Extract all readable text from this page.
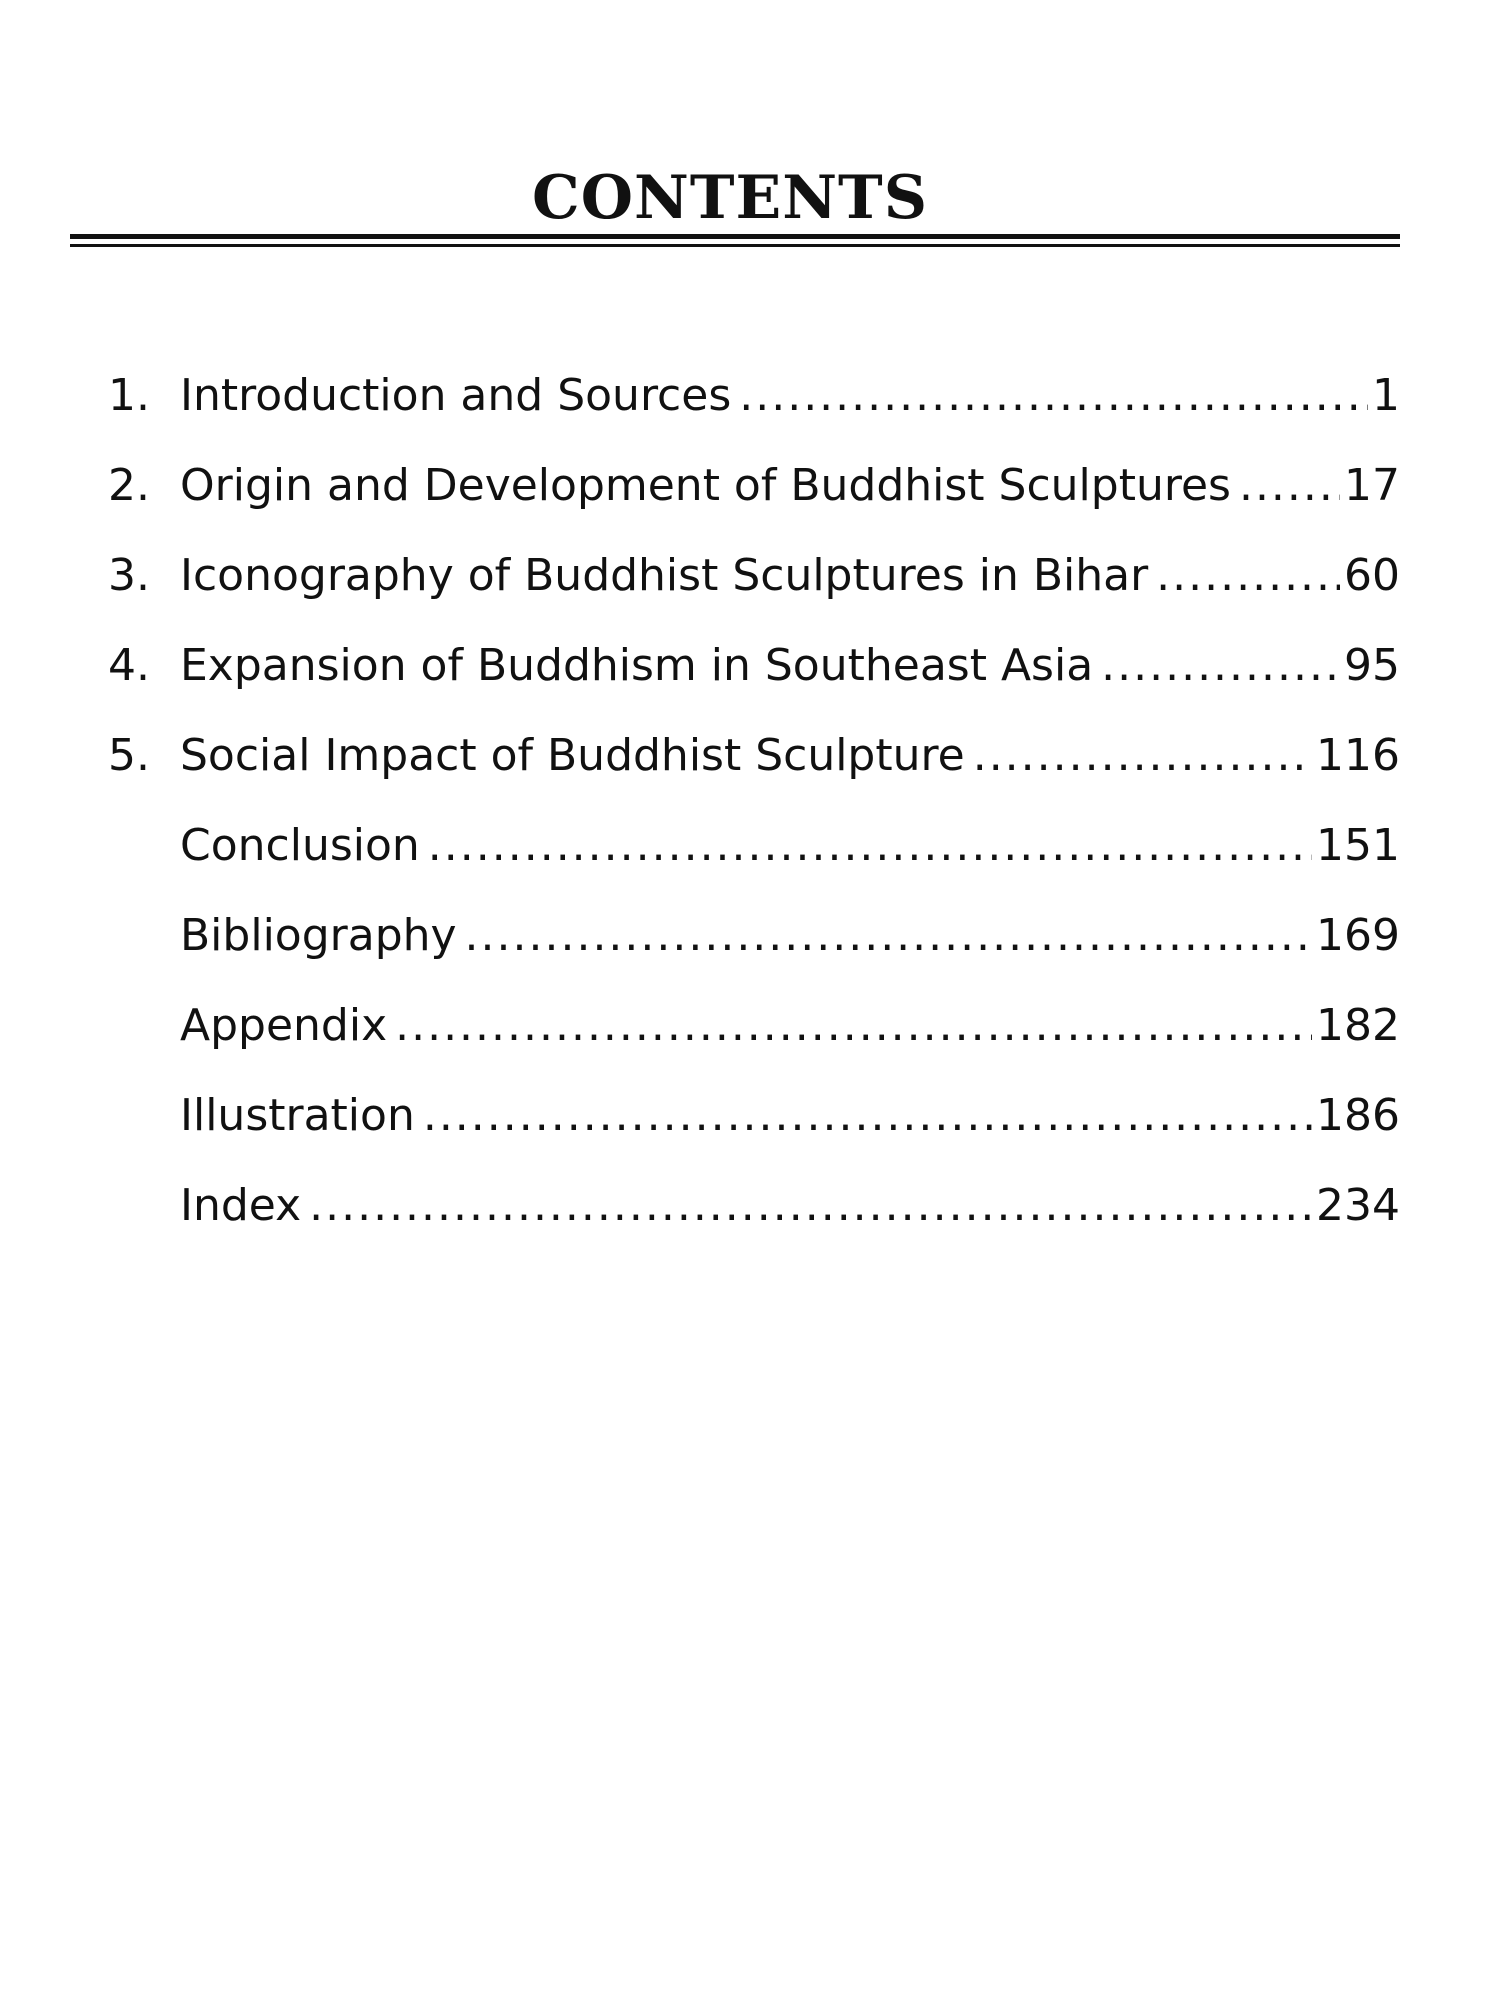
CONTENTS
1. Introduction and Sources .....	1
2. Origin and Development of Buddhist Sculptures .....	17
3. Iconography of Buddhist Sculptures in Bihar .....	60
4. Expansion of Buddhism in Southeast Asia .....	95
5. Social Impact of Buddhist Sculpture .....	116
Conclusion .....	151
Bibliography .....	169
Appendix .....	182
Illustration .....	186
Index .....	234
